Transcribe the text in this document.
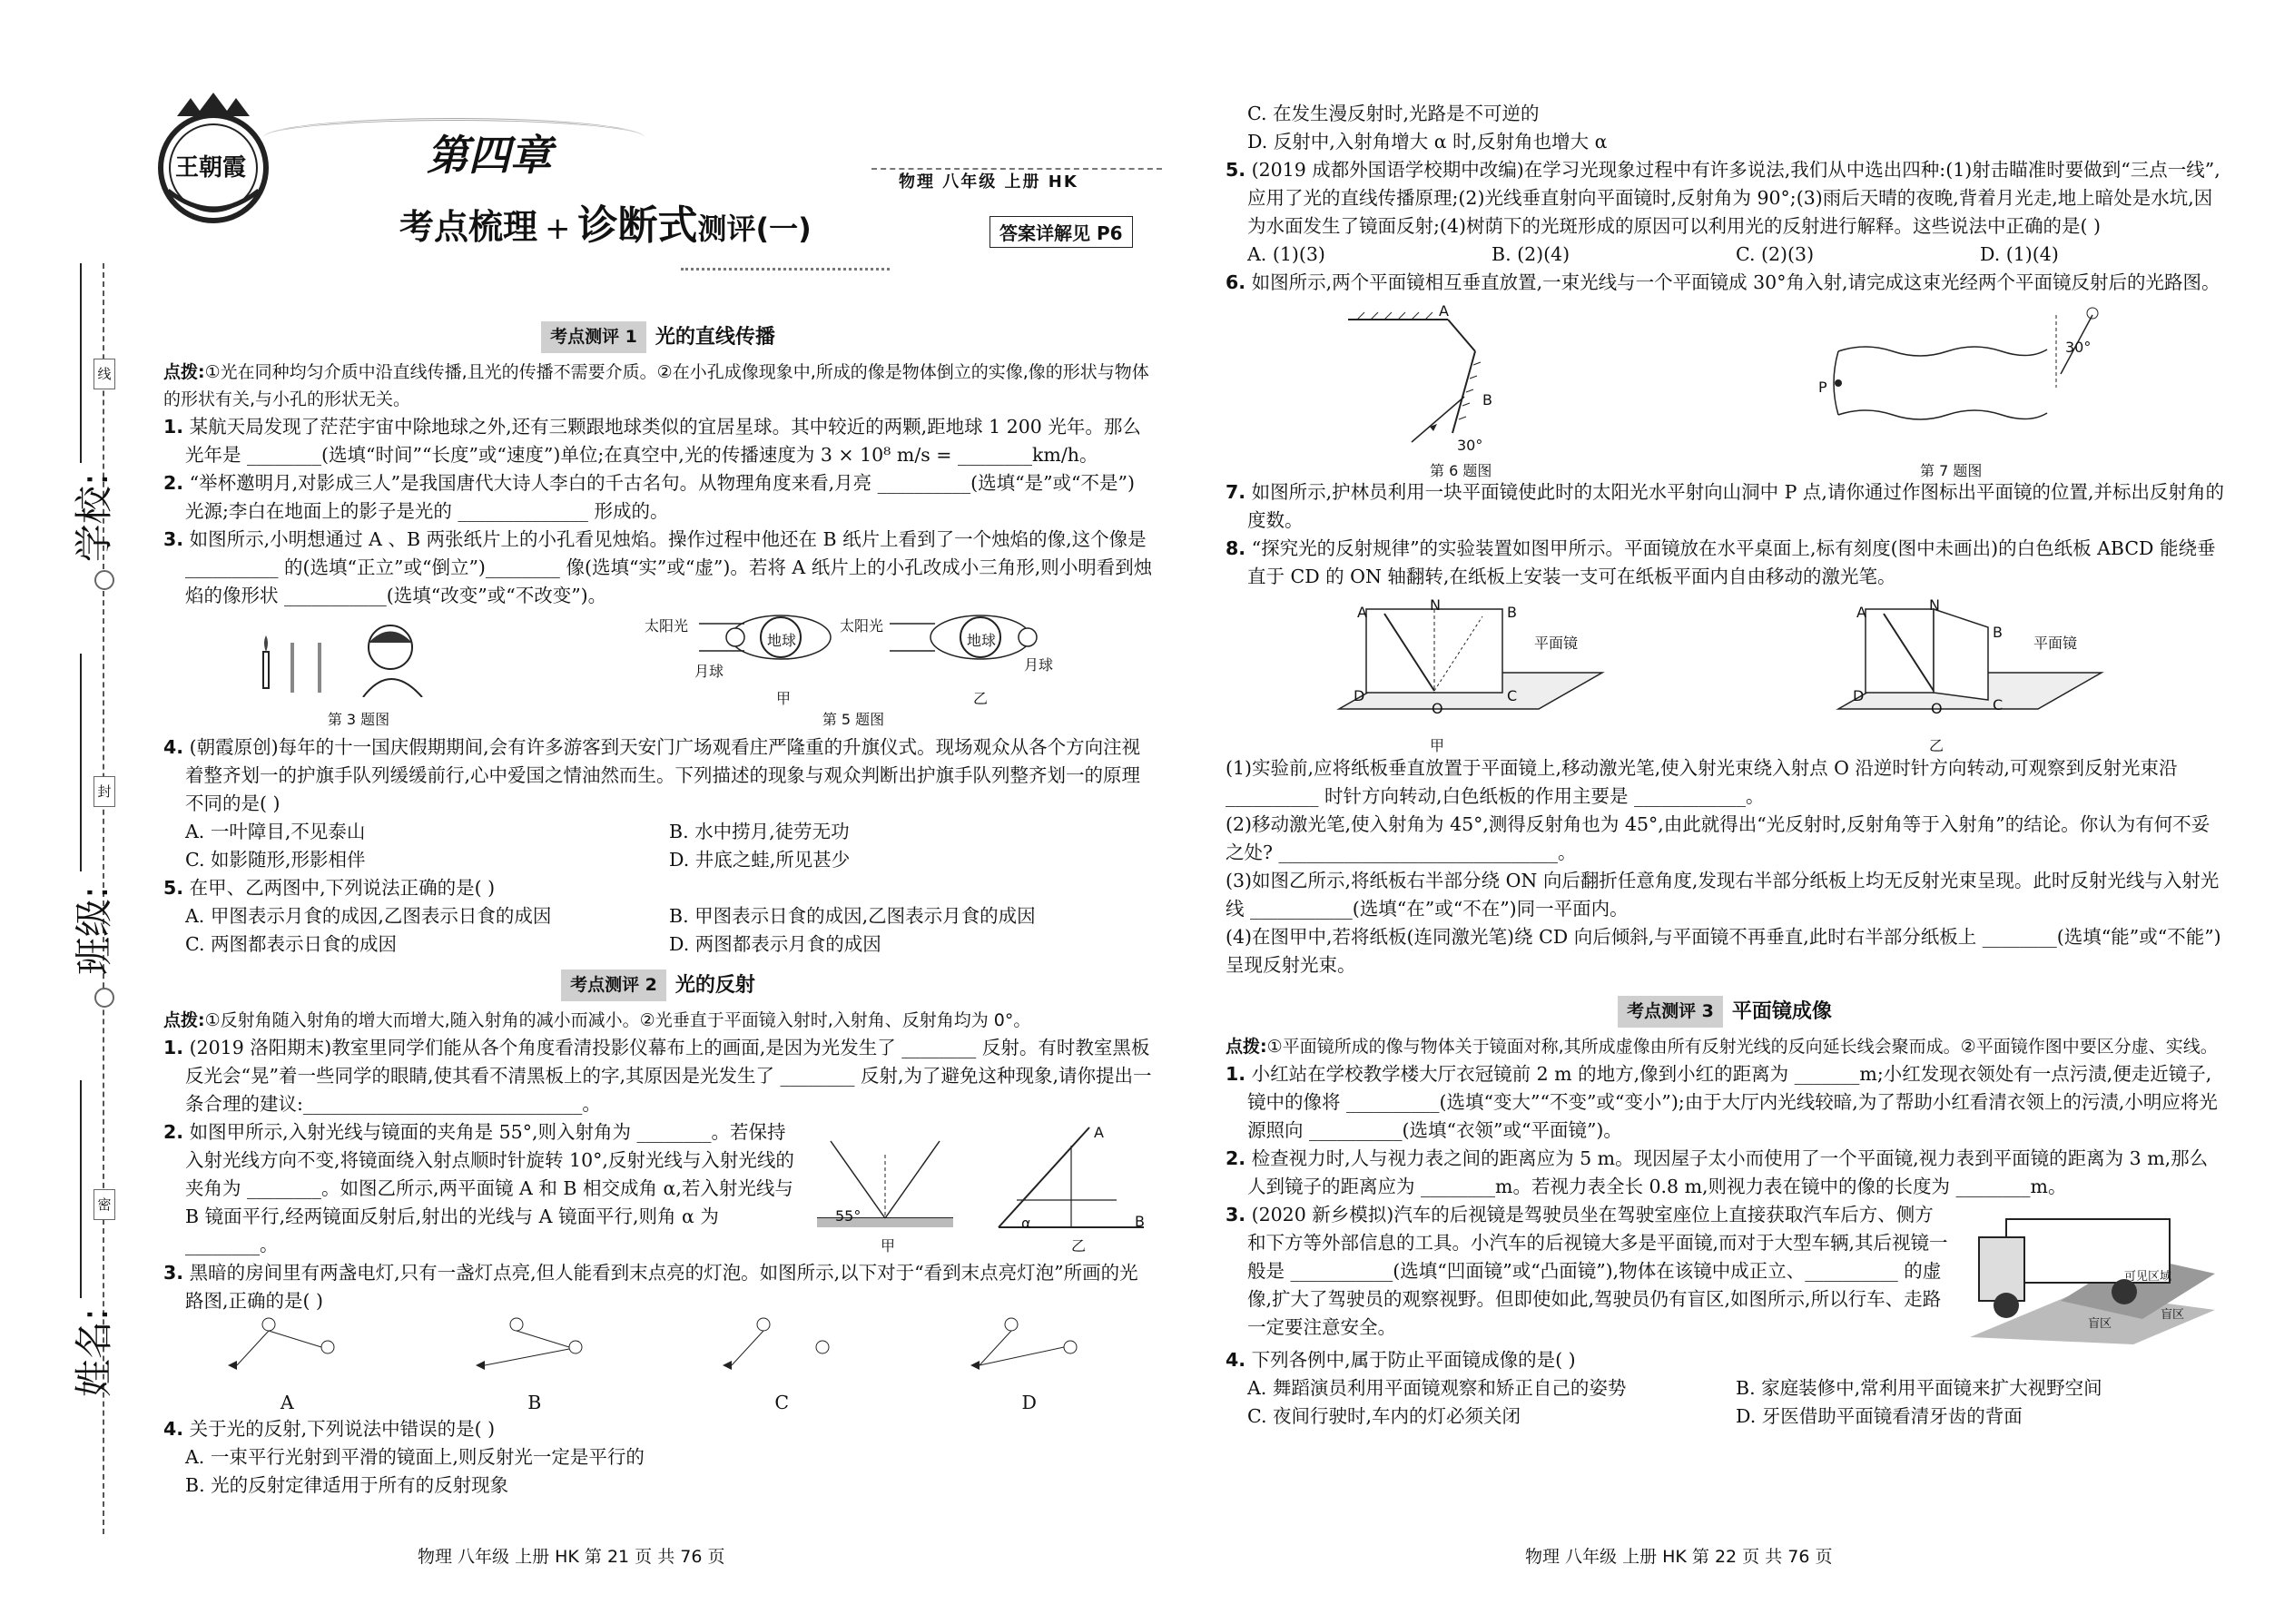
线
封
密
学校:
班级:
姓名:
王朝霞	第四章
考点梳理 + 诊断式 测评(一)
物理 八年级 上册 HK
答案详解见 P6
考点测评 1 光的直线传播
点拨:①光在同种均匀介质中沿直线传播,且光的传播不需要介质。②在小孔成像现象中,所成的像是物体倒立的实像,像的形状与物体的形状有关,与小孔的形状无关。
1. 某航天局发现了茫茫宇宙中除地球之外,还有三颗跟地球类似的宜居星球。其中较近的两颗,距地球 1 200 光年。那么光年是 ________(选填“时间”“长度”或“速度”)单位;在真空中,光的传播速度为 3 × 10⁸ m/s = ________km/h。
2. “举杯邀明月,对影成三人”是我国唐代大诗人李白的千古名句。从物理角度来看,月亮 __________(选填“是”或“不是”)光源;李白在地面上的影子是光的 ______________ 形成的。
3. 如图所示,小明想通过 A 、B 两张纸片上的小孔看见烛焰。操作过程中他还在 B 纸片上看到了一个烛焰的像,这个像是 __________ 的(选填“正立”或“倒立”)________ 像(选填“实”或“虚”)。若将 A 纸片上的小孔改成小三角形,则小明看到烛焰的像形状 ___________(选填“改变”或“不改变”)。
第 3 题图
太阳光
地球
月球
太阳光
地球
月球
甲	乙
第 5 题图
4. (朝霞原创)每年的十一国庆假期期间,会有许多游客到天安门广场观看庄严隆重的升旗仪式。现场观众从各个方向注视着整齐划一的护旗手队列缓缓前行,心中爱国之情油然而生。下列描述的现象与观众判断出护旗手队列整齐划一的原理不同的是( )
A. 一叶障目,不见泰山	B. 水中捞月,徒劳无功
C. 如影随形,形影相伴	D. 井底之蛙,所见甚少
5. 在甲、乙两图中,下列说法正确的是( )
A. 甲图表示月食的成因,乙图表示日食的成因	B. 甲图表示日食的成因,乙图表示月食的成因
C. 两图都表示日食的成因	D. 两图都表示月食的成因
考点测评 2 光的反射
点拨:①反射角随入射角的增大而增大,随入射角的减小而减小。②光垂直于平面镜入射时,入射角、反射角均为 0°。
1. (2019 洛阳期末)教室里同学们能从各个角度看清投影仪幕布上的画面,是因为光发生了 ________ 反射。有时教室黑板反光会“晃”着一些同学的眼睛,使其看不清黑板上的字,其原因是光发生了 ________ 反射,为了避免这种现象,请你提出一条合理的建议:______________________________。
2. 如图甲所示,入射光线与镜面的夹角是 55°,则入射角为 ________。若保持入射光线方向不变,将镜面绕入射点顺时针旋转 10°,反射光线与入射光线的夹角为 ________。如图乙所示,两平面镜 A 和 B 相交成角 α,若入射光线与 B 镜面平行,经两镜面反射后,射出的光线与 A 镜面平行,则角 α 为 ________。
55°
甲	乙
A
B
α
3. 黑暗的房间里有两盏电灯,只有一盏灯点亮,但人能看到末点亮的灯泡。如图所示,以下对于“看到末点亮灯泡”所画的光路图,正确的是( )
A	B	C	D
4. 关于光的反射,下列说法中错误的是( )
A. 一束平行光射到平滑的镜面上,则反射光一定是平行的
B. 光的反射定律适用于所有的反射现象
物理 八年级 上册 HK 第 21 页 共 76 页
C. 在发生漫反射时,光路是不可逆的
D. 反射中,入射角增大 α 时,反射角也增大 α
5. (2019 成都外国语学校期中改编)在学习光现象过程中有许多说法,我们从中选出四种:(1)射击瞄准时要做到“三点一线”,应用了光的直线传播原理;(2)光线垂直射向平面镜时,反射角为 90°;(3)雨后天晴的夜晚,背着月光走,地上暗处是水坑,因为水面发生了镜面反射;(4)树荫下的光斑形成的原因可以利用光的反射进行解释。这些说法中正确的是( )
A. (1)(3)	B. (2)(4)	C. (2)(3)	D. (1)(4)
6. 如图所示,两个平面镜相互垂直放置,一束光线与一个平面镜成 30°角入射,请完成这束光经两个平面镜反射后的光路图。
A
B
30°
第 6 题图
P
30°
第 7 题图
7. 如图所示,护林员利用一块平面镜使此时的太阳光水平射向山洞中 P 点,请你通过作图标出平面镜的位置,并标出反射角的度数。
8. “探究光的反射规律”的实验装置如图甲所示。平面镜放在水平桌面上,标有刻度(图中未画出)的白色纸板 ABCD 能绕垂直于 CD 的 ON 轴翻转,在纸板上安装一支可在纸板平面内自由移动的激光笔。
A	N	B
C
D
O
平面镜
甲
A	N
B
C
D
O
平面镜
乙
(1)实验前,应将纸板垂直放置于平面镜上,移动激光笔,使入射光束绕入射点 O 沿逆时针方向转动,可观察到反射光束沿 __________ 时针方向转动,白色纸板的作用主要是 ____________。
(2)移动激光笔,使入射角为 45°,测得反射角也为 45°,由此就得出“光反射时,反射角等于入射角”的结论。你认为有何不妥之处? ______________________________。
(3)如图乙所示,将纸板右半部分绕 ON 向后翻折任意角度,发现右半部分纸板上均无反射光束呈现。此时反射光线与入射光线 ___________(选填“在”或“不在”)同一平面内。
(4)在图甲中,若将纸板(连同激光笔)绕 CD 向后倾斜,与平面镜不再垂直,此时右半部分纸板上 ________(选填“能”或“不能”)呈现反射光束。
考点测评 3 平面镜成像
点拨:①平面镜所成的像与物体关于镜面对称,其所成虚像由所有反射光线的反向延长线会聚而成。②平面镜作图中要区分虚、实线。
1. 小红站在学校教学楼大厅衣冠镜前 2 m 的地方,像到小红的距离为 _______m;小红发现衣领处有一点污渍,便走近镜子,镜中的像将 __________(选填“变大”“不变”或“变小”);由于大厅内光线较暗,为了帮助小红看清衣领上的污渍,小明应将光源照向 __________(选填“衣领”或“平面镜”)。
2. 检查视力时,人与视力表之间的距离应为 5 m。现因屋子太小而使用了一个平面镜,视力表到平面镜的距离为 3 m,那么人到镜子的距离应为 ________m。若视力表全长 0.8 m,则视力表在镜中的像的长度为 ________m。
3. (2020 新乡模拟)汽车的后视镜是驾驶员坐在驾驶室座位上直接获取汽车后方、侧方和下方等外部信息的工具。小汽车的后视镜大多是平面镜,而对于大型车辆,其后视镜一般是 ___________(选填“凹面镜”或“凸面镜”),物体在该镜中成正立、__________ 的虚像,扩大了驾驶员的观察视野。但即使如此,驾驶员仍有盲区,如图所示,所以行车、走路一定要注意安全。
可见区域
盲区
盲区
4. 下列各例中,属于防止平面镜成像的是( )
A. 舞蹈演员利用平面镜观察和矫正自己的姿势	B. 家庭装修中,常利用平面镜来扩大视野空间
C. 夜间行驶时,车内的灯必须关闭	D. 牙医借助平面镜看清牙齿的背面
物理 八年级 上册 HK 第 22 页 共 76 页
